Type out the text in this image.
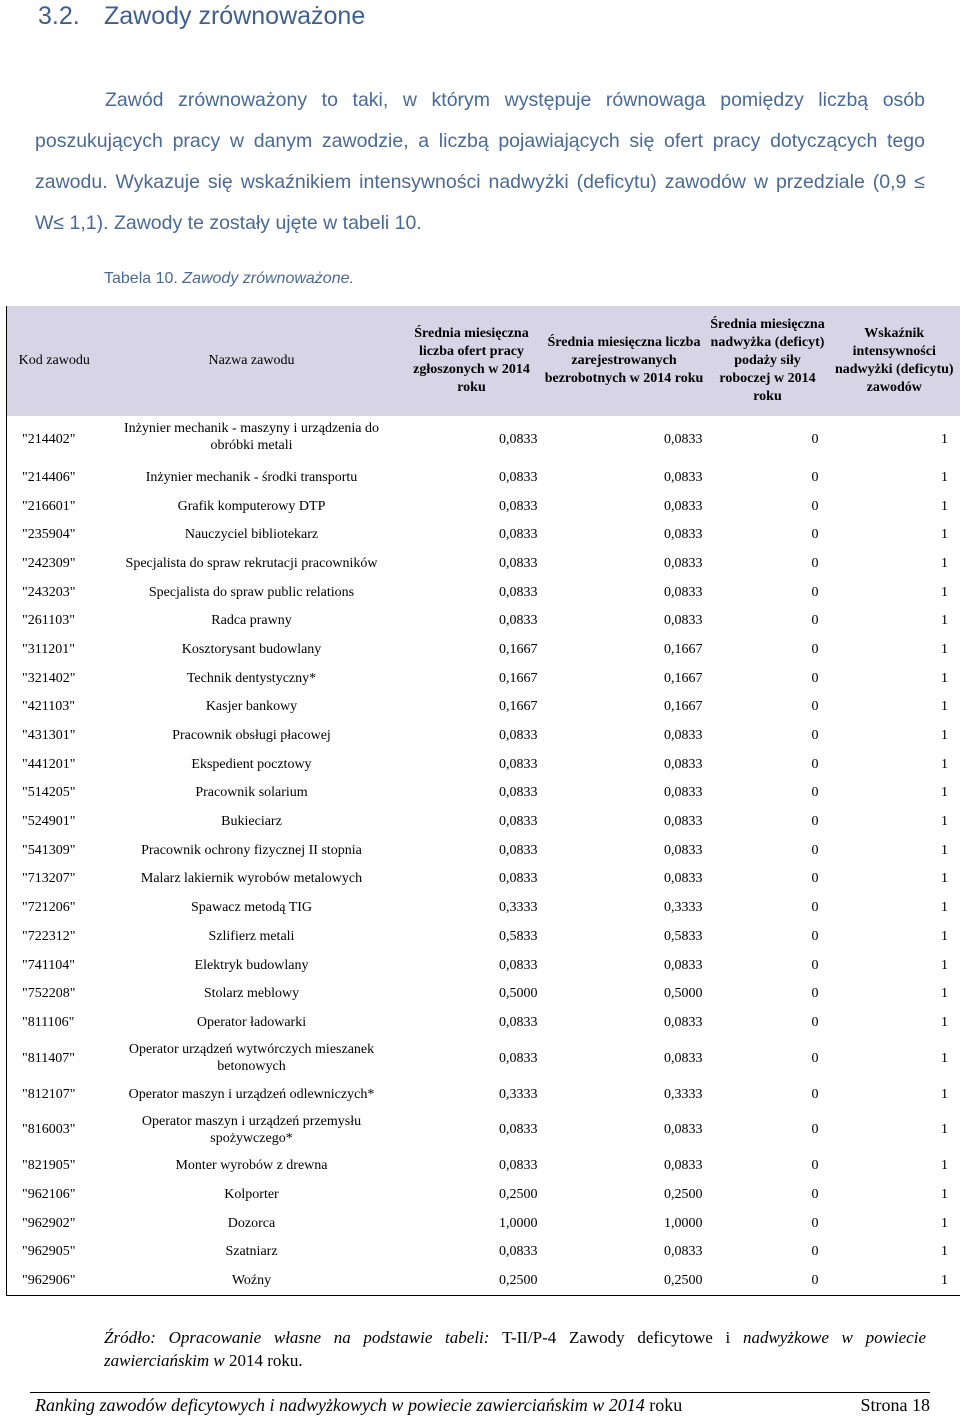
3.2. Zawody zrównoważone

Zawód zrównoważony to taki, w którym występuje równowaga pomiędzy liczbą osób poszukujących pracy w danym zawodzie, a liczbą pojawiających się ofert pracy dotyczących tego zawodu. Wykazuje się wskaźnikiem intensywności nadwyżki (deficytu) zawodów w przedziale (0,9 ≤ W≤ 1,1). Zawody te zostały ujęte w tabeli 10.

Tabela 10. Zawody zrównoważone.

Kod zawodu	Nazwa zawodu	Średnia miesięczna liczba ofert pracy zgłoszonych w 2014 roku	Średnia miesięczna liczba zarejestrowanych bezrobotnych w 2014 roku	Średnia miesięczna nadwyżka (deficyt) podaży siły roboczej w 2014 roku	Wskaźnik intensywności nadwyżki (deficytu) zawodów
"214402"	Inżynier mechanik - maszyny i urządzenia do obróbki metali	0,0833	0,0833	0	1
"214406"	Inżynier mechanik - środki transportu	0,0833	0,0833	0	1
"216601"	Grafik komputerowy DTP	0,0833	0,0833	0	1
"235904"	Nauczyciel bibliotekarz	0,0833	0,0833	0	1
"242309"	Specjalista do spraw rekrutacji pracowników	0,0833	0,0833	0	1
"243203"	Specjalista do spraw public relations	0,0833	0,0833	0	1
"261103"	Radca prawny	0,0833	0,0833	0	1
"311201"	Kosztorysant budowlany	0,1667	0,1667	0	1
"321402"	Technik dentystyczny*	0,1667	0,1667	0	1
"421103"	Kasjer bankowy	0,1667	0,1667	0	1
"431301"	Pracownik obsługi płacowej	0,0833	0,0833	0	1
"441201"	Ekspedient pocztowy	0,0833	0,0833	0	1
"514205"	Pracownik solarium	0,0833	0,0833	0	1
"524901"	Bukieciarz	0,0833	0,0833	0	1
"541309"	Pracownik ochrony fizycznej II stopnia	0,0833	0,0833	0	1
"713207"	Malarz lakiernik wyrobów metalowych	0,0833	0,0833	0	1
"721206"	Spawacz metodą TIG	0,3333	0,3333	0	1
"722312"	Szlifierz metali	0,5833	0,5833	0	1
"741104"	Elektryk budowlany	0,0833	0,0833	0	1
"752208"	Stolarz meblowy	0,5000	0,5000	0	1
"811106"	Operator ładowarki	0,0833	0,0833	0	1
"811407"	Operator urządzeń wytwórczych mieszanek betonowych	0,0833	0,0833	0	1
"812107"	Operator maszyn i urządzeń odlewniczych*	0,3333	0,3333	0	1
"816003"	Operator maszyn i urządzeń przemysłu spożywczego*	0,0833	0,0833	0	1
"821905"	Monter wyrobów z drewna	0,0833	0,0833	0	1
"962106"	Kolporter	0,2500	0,2500	0	1
"962902"	Dozorca	1,0000	1,0000	0	1
"962905"	Szatniarz	0,0833	0,0833	0	1
"962906"	Woźny	0,2500	0,2500	0	1

Źródło: Opracowanie własne na podstawie tabeli: T-II/P-4 Zawody deficytowe i nadwyżkowe w powiecie zawierciańskim w 2014 roku.

Ranking zawodów deficytowych i nadwyżkowych w powiecie zawierciańskim w 2014 roku	Strona 18
